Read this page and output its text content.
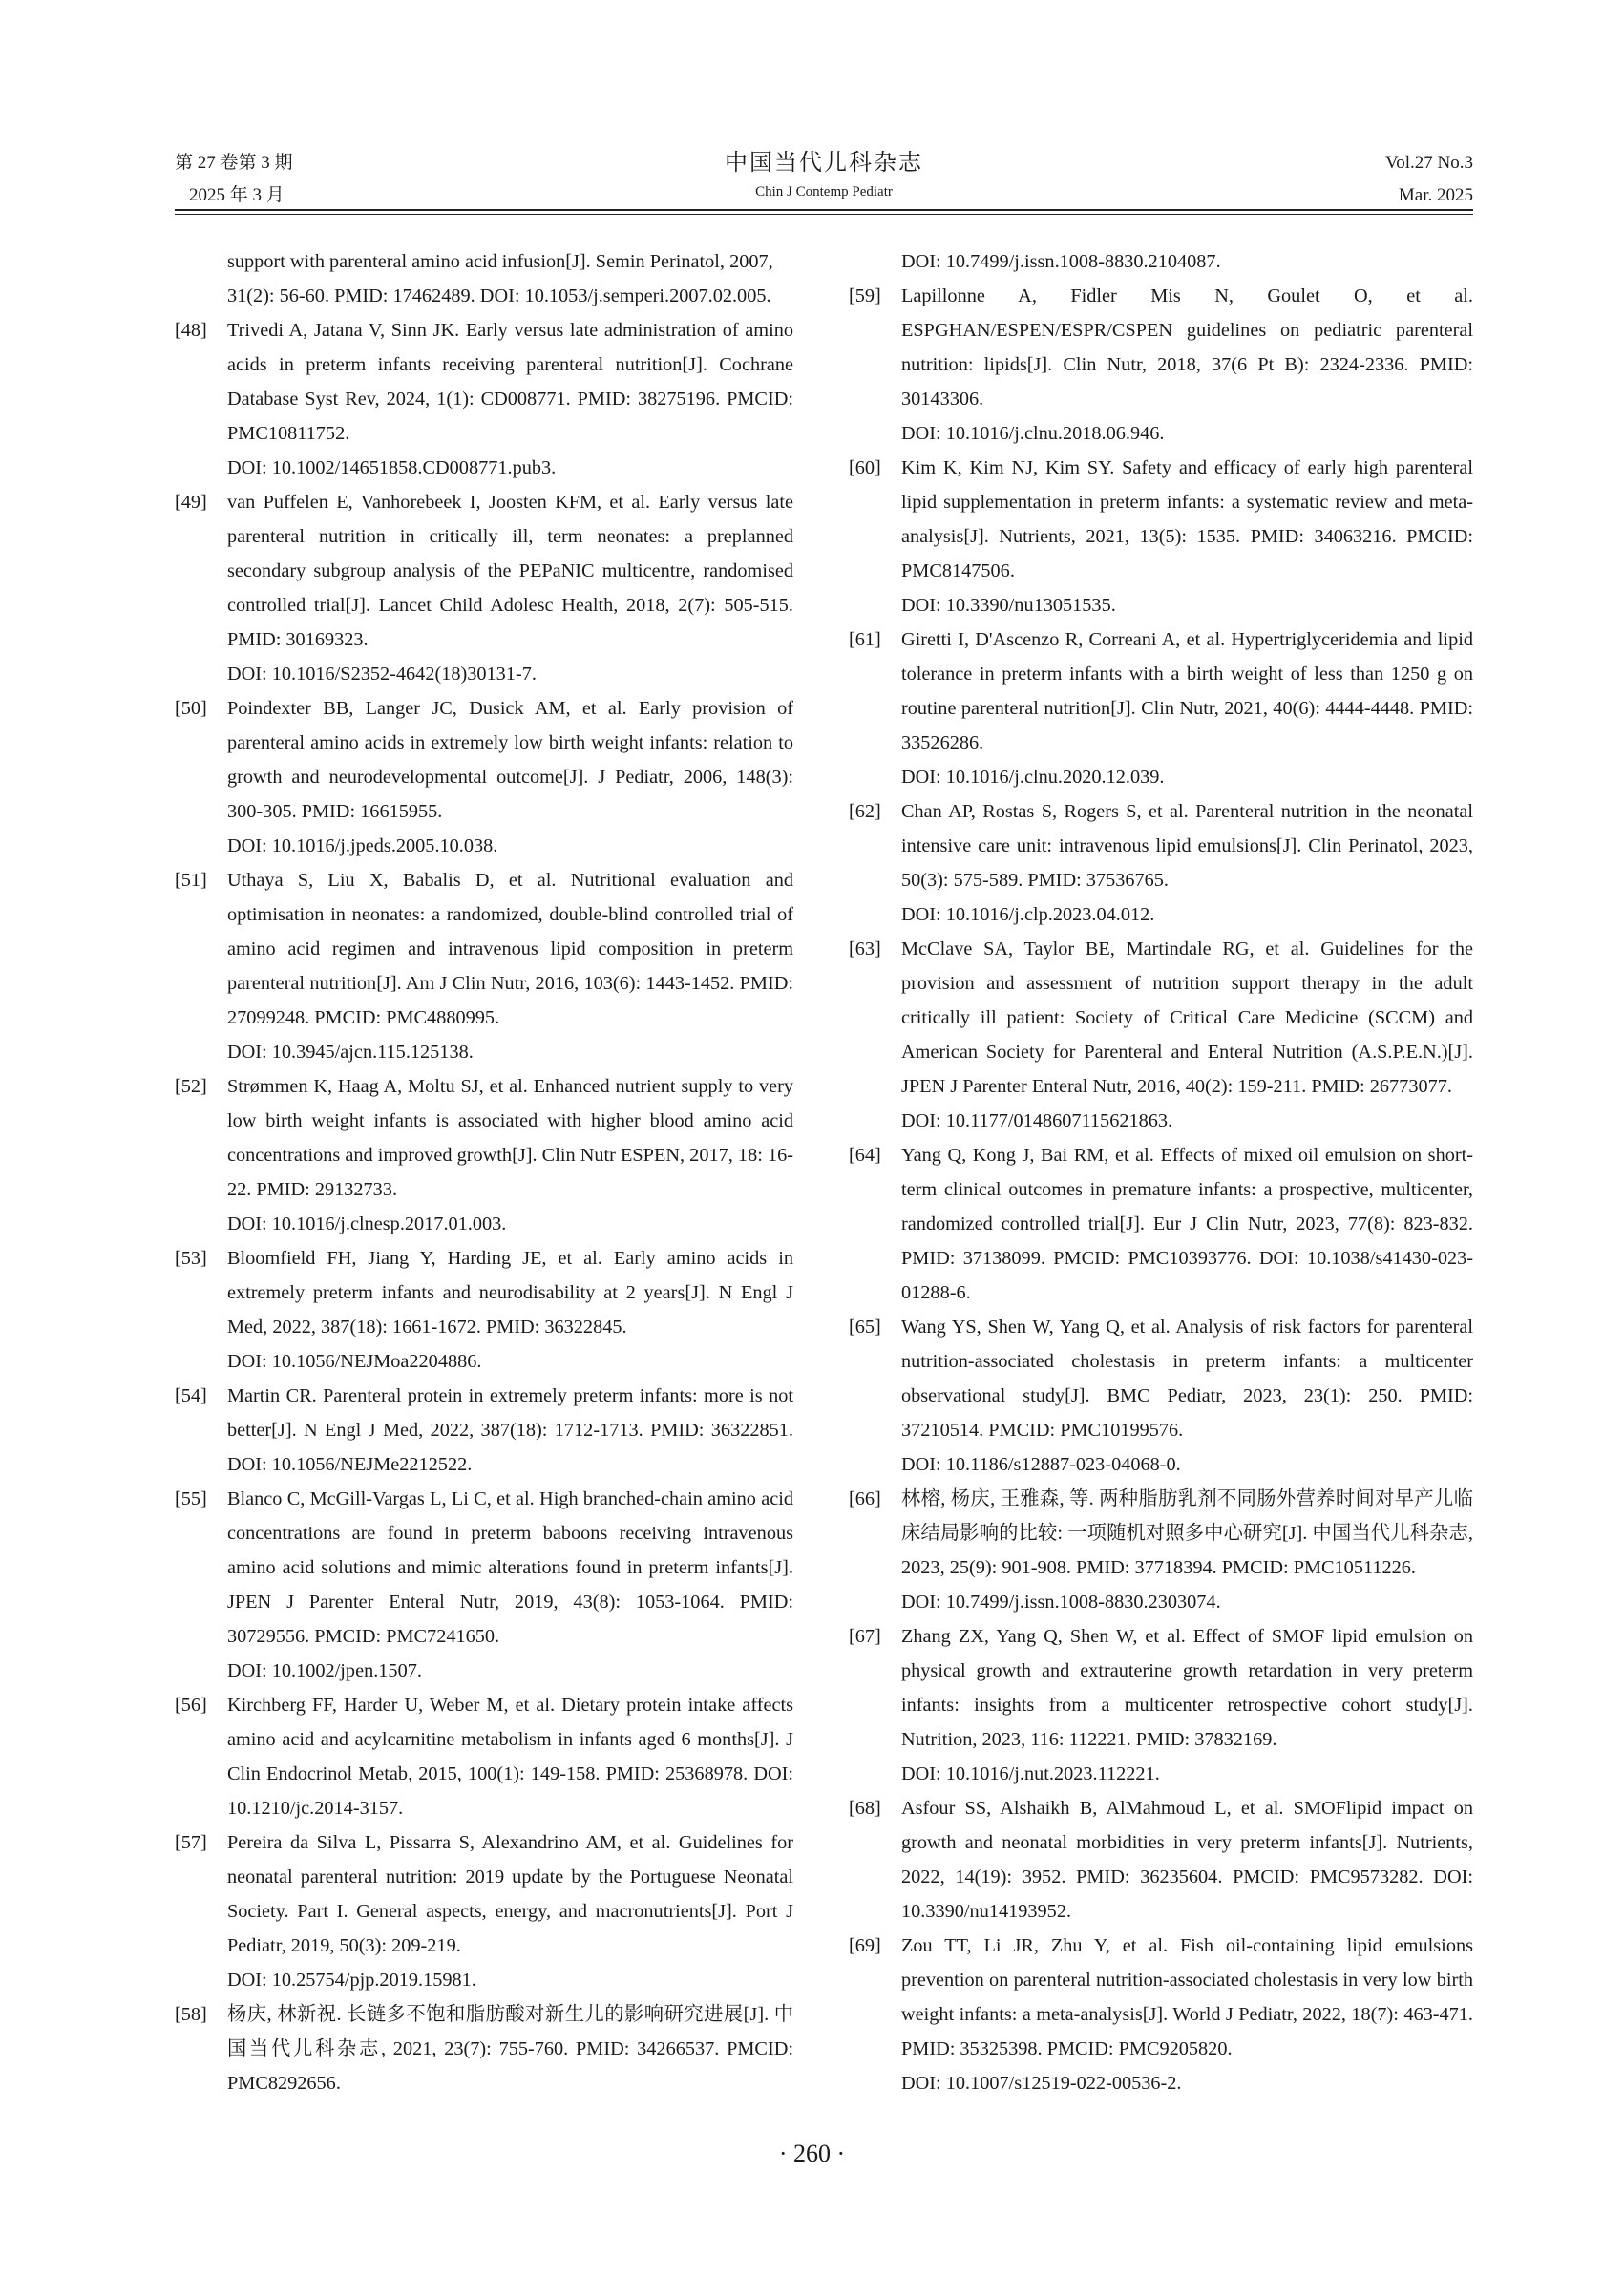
第 27 卷第 3 期
2025 年 3 月
中国当代儿科杂志
Chin J Contemp Pediatr
Vol.27 No.3
Mar. 2025
support with parenteral amino acid infusion[J]. Semin Perinatol, 2007, 31(2): 56-60. PMID: 17462489. DOI: 10.1053/j.semperi.2007.02.005.
[48] Trivedi A, Jatana V, Sinn JK. Early versus late administration of amino acids in preterm infants receiving parenteral nutrition[J]. Cochrane Database Syst Rev, 2024, 1(1): CD008771. PMID: 38275196. PMCID: PMC10811752.
DOI: 10.1002/14651858.CD008771.pub3.
[49] van Puffelen E, Vanhorebeek I, Joosten KFM, et al. Early versus late parenteral nutrition in critically ill, term neonates: a preplanned secondary subgroup analysis of the PEPaNIC multicentre, randomised controlled trial[J]. Lancet Child Adolesc Health, 2018, 2(7): 505-515. PMID: 30169323.
DOI: 10.1016/S2352-4642(18)30131-7.
[50] Poindexter BB, Langer JC, Dusick AM, et al. Early provision of parenteral amino acids in extremely low birth weight infants: relation to growth and neurodevelopmental outcome[J]. J Pediatr, 2006, 148(3): 300-305. PMID: 16615955.
DOI: 10.1016/j.jpeds.2005.10.038.
[51] Uthaya S, Liu X, Babalis D, et al. Nutritional evaluation and optimisation in neonates: a randomized, double-blind controlled trial of amino acid regimen and intravenous lipid composition in preterm parenteral nutrition[J]. Am J Clin Nutr, 2016, 103(6): 1443-1452. PMID: 27099248. PMCID: PMC4880995.
DOI: 10.3945/ajcn.115.125138.
[52] Strømmen K, Haag A, Moltu SJ, et al. Enhanced nutrient supply to very low birth weight infants is associated with higher blood amino acid concentrations and improved growth[J]. Clin Nutr ESPEN, 2017, 18: 16-22. PMID: 29132733.
DOI: 10.1016/j.clnesp.2017.01.003.
[53] Bloomfield FH, Jiang Y, Harding JE, et al. Early amino acids in extremely preterm infants and neurodisability at 2 years[J]. N Engl J Med, 2022, 387(18): 1661-1672. PMID: 36322845.
DOI: 10.1056/NEJMoa2204886.
[54] Martin CR. Parenteral protein in extremely preterm infants: more is not better[J]. N Engl J Med, 2022, 387(18): 1712-1713. PMID: 36322851. DOI: 10.1056/NEJMe2212522.
[55] Blanco C, McGill-Vargas L, Li C, et al. High branched-chain amino acid concentrations are found in preterm baboons receiving intravenous amino acid solutions and mimic alterations found in preterm infants[J]. JPEN J Parenter Enteral Nutr, 2019, 43(8): 1053-1064. PMID: 30729556. PMCID: PMC7241650.
DOI: 10.1002/jpen.1507.
[56] Kirchberg FF, Harder U, Weber M, et al. Dietary protein intake affects amino acid and acylcarnitine metabolism in infants aged 6 months[J]. J Clin Endocrinol Metab, 2015, 100(1): 149-158. PMID: 25368978. DOI: 10.1210/jc.2014-3157.
[57] Pereira da Silva L, Pissarra S, Alexandrino AM, et al. Guidelines for neonatal parenteral nutrition: 2019 update by the Portuguese Neonatal Society. Part I. General aspects, energy, and macronutrients[J]. Port J Pediatr, 2019, 50(3): 209-219.
DOI: 10.25754/pjp.2019.15981.
[58] 杨庆, 林新祝. 长链多不饱和脂肪酸对新生儿的影响研究进展[J]. 中国当代儿科杂志, 2021, 23(7): 755-760. PMID: 34266537. PMCID: PMC8292656.
DOI: 10.7499/j.issn.1008-8830.2104087.
[59] Lapillonne A, Fidler Mis N, Goulet O, et al. ESPGHAN/ESPEN/ESPR/CSPEN guidelines on pediatric parenteral nutrition: lipids[J]. Clin Nutr, 2018, 37(6 Pt B): 2324-2336. PMID: 30143306.
DOI: 10.1016/j.clnu.2018.06.946.
[60] Kim K, Kim NJ, Kim SY. Safety and efficacy of early high parenteral lipid supplementation in preterm infants: a systematic review and meta-analysis[J]. Nutrients, 2021, 13(5): 1535. PMID: 34063216. PMCID: PMC8147506.
DOI: 10.3390/nu13051535.
[61] Giretti I, D'Ascenzo R, Correani A, et al. Hypertriglyceridemia and lipid tolerance in preterm infants with a birth weight of less than 1250 g on routine parenteral nutrition[J]. Clin Nutr, 2021, 40(6): 4444-4448. PMID: 33526286.
DOI: 10.1016/j.clnu.2020.12.039.
[62] Chan AP, Rostas S, Rogers S, et al. Parenteral nutrition in the neonatal intensive care unit: intravenous lipid emulsions[J]. Clin Perinatol, 2023, 50(3): 575-589. PMID: 37536765.
DOI: 10.1016/j.clp.2023.04.012.
[63] McClave SA, Taylor BE, Martindale RG, et al. Guidelines for the provision and assessment of nutrition support therapy in the adult critically ill patient: Society of Critical Care Medicine (SCCM) and American Society for Parenteral and Enteral Nutrition (A.S.P.E.N.)[J]. JPEN J Parenter Enteral Nutr, 2016, 40(2): 159-211. PMID: 26773077.
DOI: 10.1177/0148607115621863.
[64] Yang Q, Kong J, Bai RM, et al. Effects of mixed oil emulsion on short-term clinical outcomes in premature infants: a prospective, multicenter, randomized controlled trial[J]. Eur J Clin Nutr, 2023, 77(8): 823-832. PMID: 37138099. PMCID: PMC10393776. DOI: 10.1038/s41430-023-01288-6.
[65] Wang YS, Shen W, Yang Q, et al. Analysis of risk factors for parenteral nutrition-associated cholestasis in preterm infants: a multicenter observational study[J]. BMC Pediatr, 2023, 23(1): 250. PMID: 37210514. PMCID: PMC10199576.
DOI: 10.1186/s12887-023-04068-0.
[66] 林榕, 杨庆, 王雅森, 等. 两种脂肪乳剂不同肠外营养时间对早产儿临床结局影响的比较: 一项随机对照多中心研究[J]. 中国当代儿科杂志, 2023, 25(9): 901-908. PMID: 37718394. PMCID: PMC10511226.
DOI: 10.7499/j.issn.1008-8830.2303074.
[67] Zhang ZX, Yang Q, Shen W, et al. Effect of SMOF lipid emulsion on physical growth and extrauterine growth retardation in very preterm infants: insights from a multicenter retrospective cohort study[J]. Nutrition, 2023, 116: 112221. PMID: 37832169.
DOI: 10.1016/j.nut.2023.112221.
[68] Asfour SS, Alshaikh B, AlMahmoud L, et al. SMOFlipid impact on growth and neonatal morbidities in very preterm infants[J]. Nutrients, 2022, 14(19): 3952. PMID: 36235604. PMCID: PMC9573282. DOI: 10.3390/nu14193952.
[69] Zou TT, Li JR, Zhu Y, et al. Fish oil-containing lipid emulsions prevention on parenteral nutrition-associated cholestasis in very low birth weight infants: a meta-analysis[J]. World J Pediatr, 2022, 18(7): 463-471. PMID: 35325398. PMCID: PMC9205820.
DOI: 10.1007/s12519-022-00536-2.
· 260 ·
